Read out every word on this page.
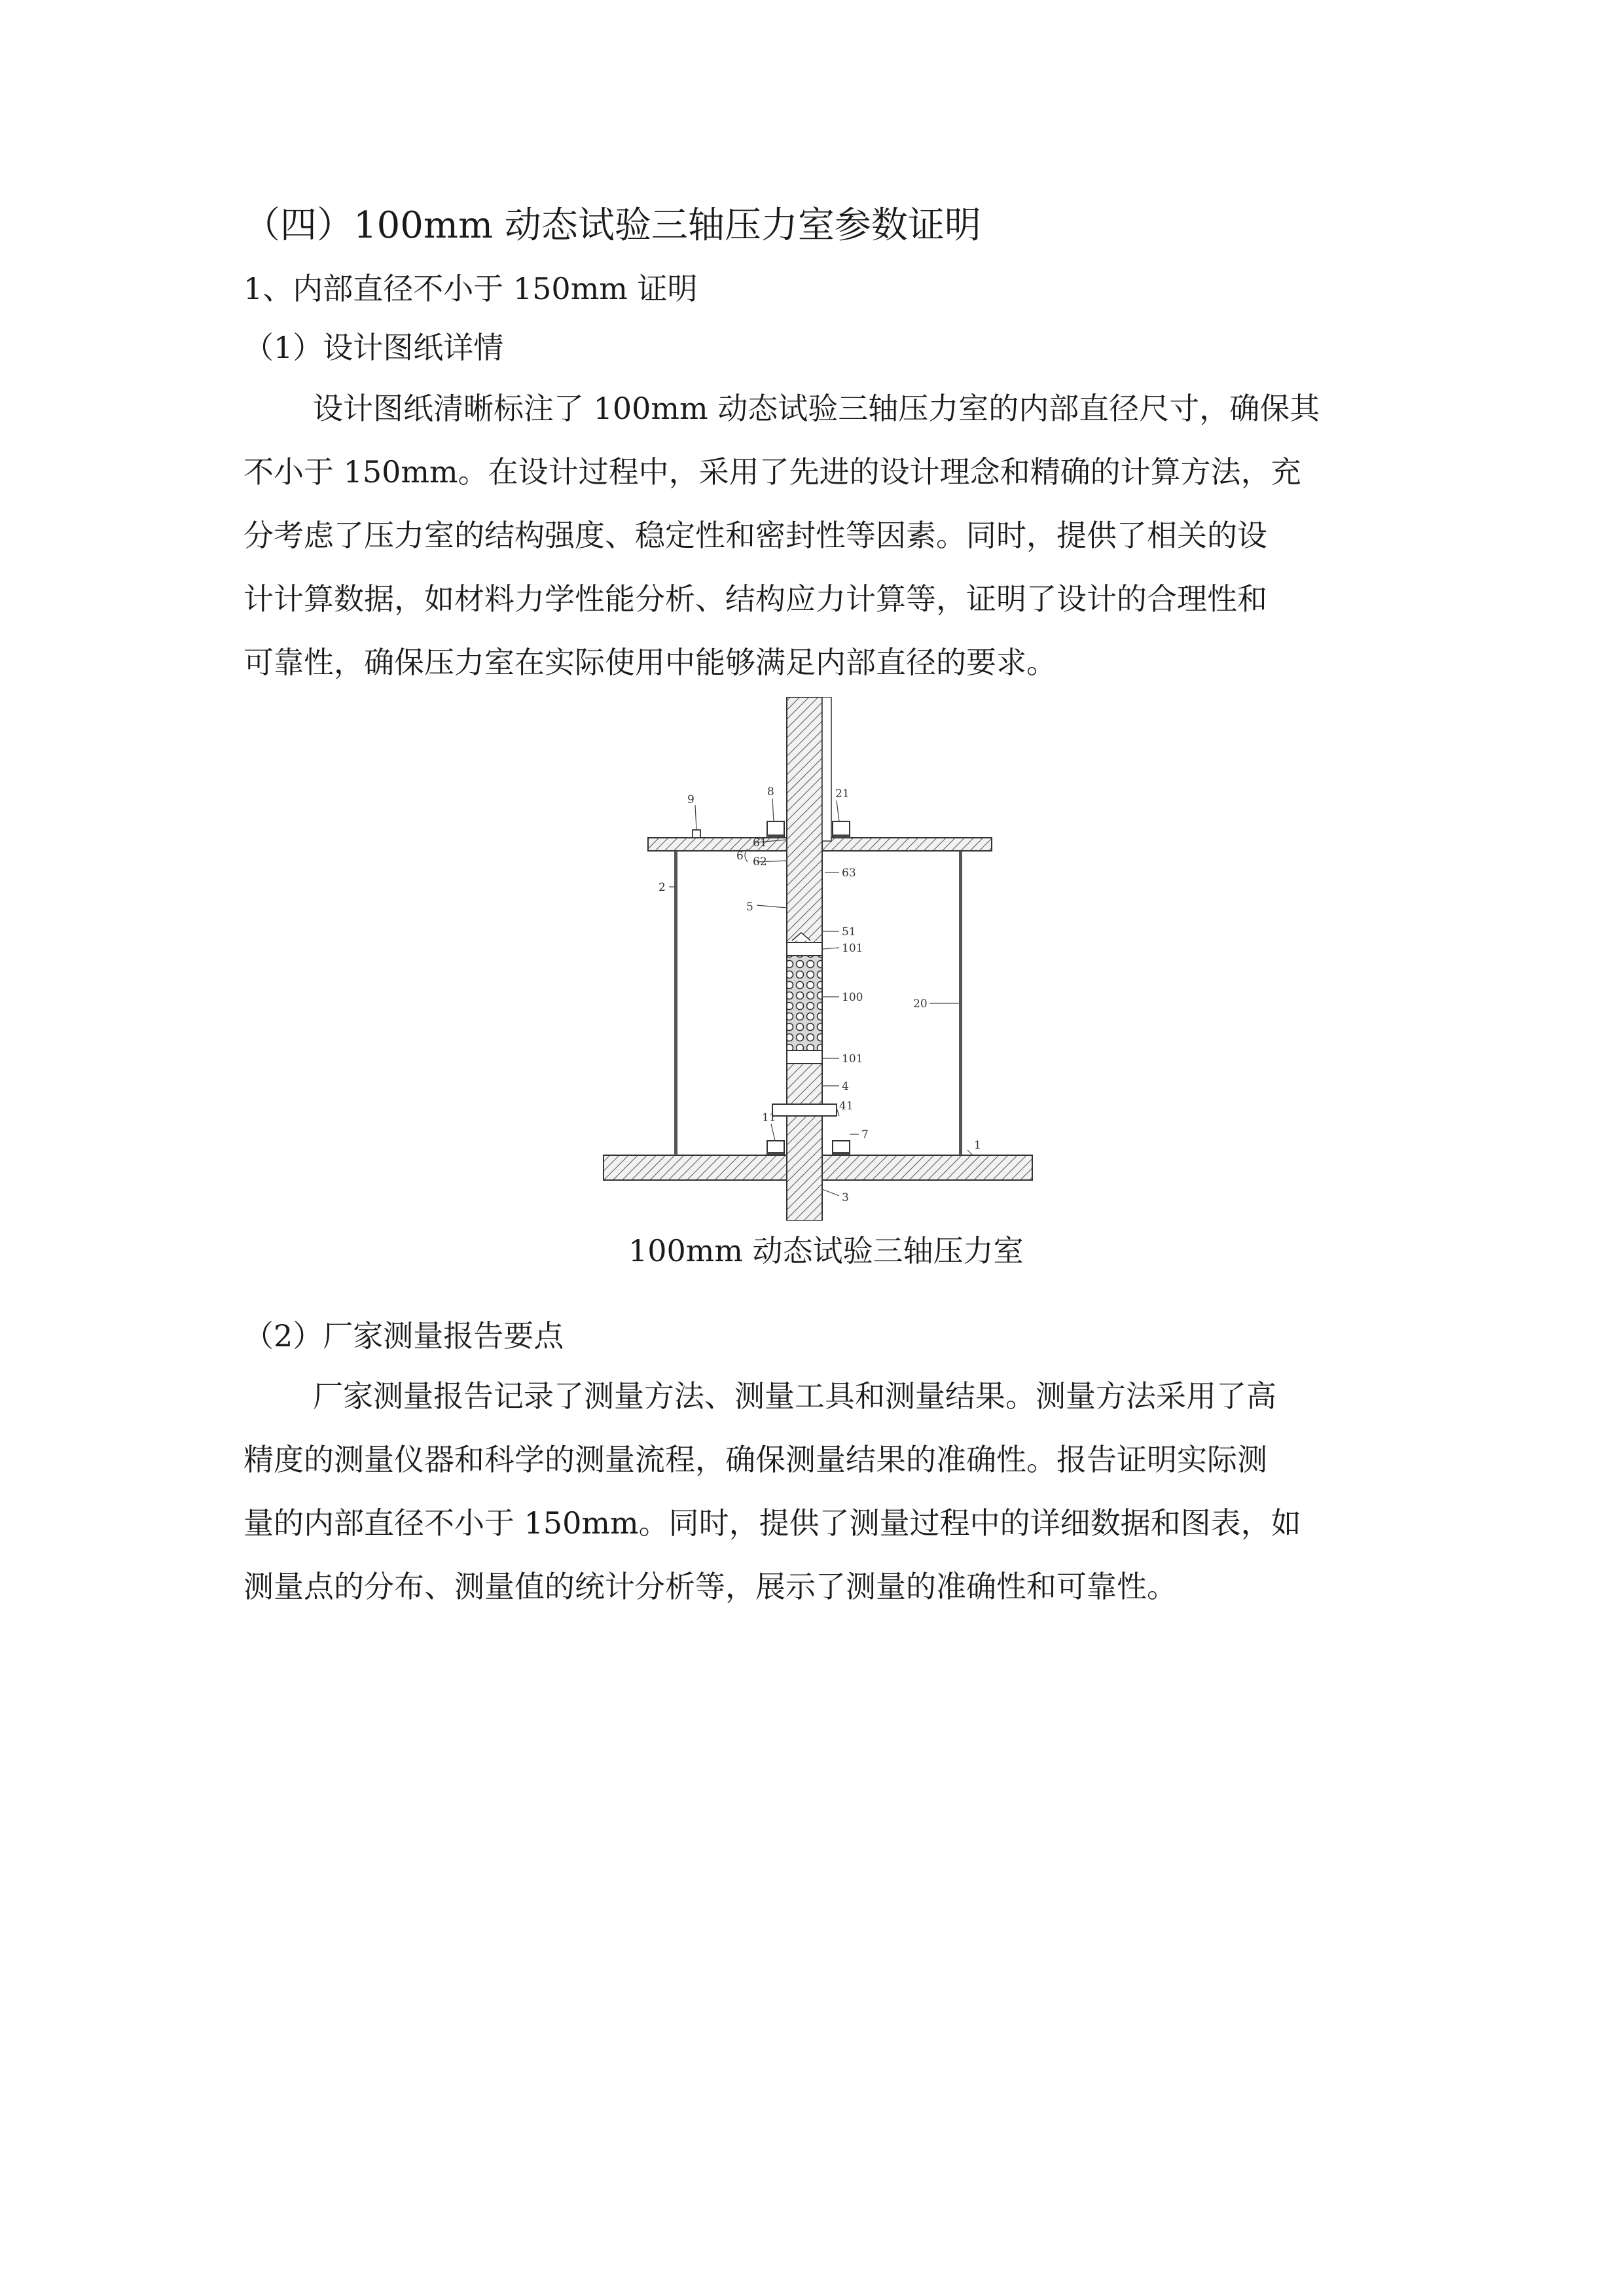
（四）100mm 动态试验三轴压力室参数证明
1、内部直径不小于 150mm 证明
（1）设计图纸详情
设计图纸清晰标注了 100mm 动态试验三轴压力室的内部直径尺寸，确保其
不小于 150mm。在设计过程中，采用了先进的设计理念和精确的计算方法，充
分考虑了压力室的结构强度、稳定性和密封性等因素。同时，提供了相关的设
计计算数据，如材料力学性能分析、结构应力计算等，证明了设计的合理性和
可靠性，确保压力室在实际使用中能够满足内部直径的要求。
9
8	21
61
6 62
63
2
5
51
101
100	20
101
4
11
41
7
1
3
100mm 动态试验三轴压力室
（2）厂家测量报告要点
厂家测量报告记录了测量方法、测量工具和测量结果。测量方法采用了高
精度的测量仪器和科学的测量流程，确保测量结果的准确性。报告证明实际测
量的内部直径不小于 150mm。同时，提供了测量过程中的详细数据和图表，如
测量点的分布、测量值的统计分析等，展示了测量的准确性和可靠性。
